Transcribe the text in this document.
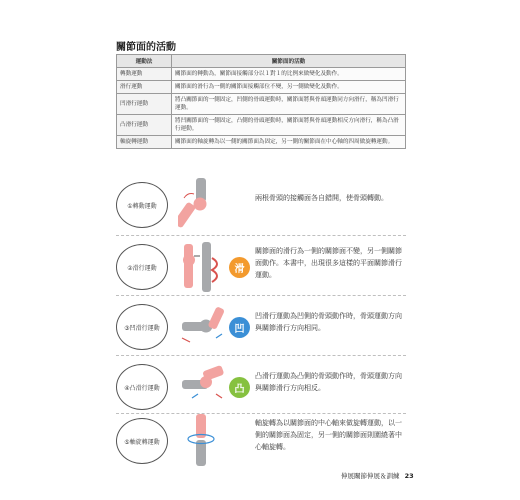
關節面的活動
運動法	關節面的活動
轉動運動	關節面的轉動為，關節面接觸部分以１對１的比例來做變化及動作。
滑行運動	關節面的滑行為一側的關節面接觸部位不變，另一側做變化及動作。
凹滑行運動	將凸關節面的一側固定，凹側的骨頭運動時，關節面將與骨頭運動同方向滑行，稱為凹滑行運動。
凸滑行運動	將凹關節面的一側固定，凸側的骨頭運動時，關節面將與骨頭運動相反方向滑行，稱為凸滑行運動。
軸旋轉運動	關節面的軸旋轉為以一側的關節面為固定，另一側的關節面在中心軸的四周做旋轉運動。
①轉動運動
兩根骨頭的接觸面各自錯開，使骨頭轉動。
②滑行運動	滑
關節面的滑行為一側的關節面不變，另一側關節面動作。本書中，出現很多這樣的平面關節滑行運動。
③凹滑行運動	凹
凹滑行運動為凹側的骨頭動作時，骨頭運動方向與關節滑行方向相同。
④凸滑行運動	凸
凸滑行運動為凸側的骨頭動作時，骨頭運動方向與關節滑行方向相反。
⑤軸旋轉運動
軸旋轉為以關節面的中心軸來做旋轉運動，以一側的關節面為固定，另一側的關節面則圍繞著中心軸旋轉。
伸展關節伸展＆訓練 23
